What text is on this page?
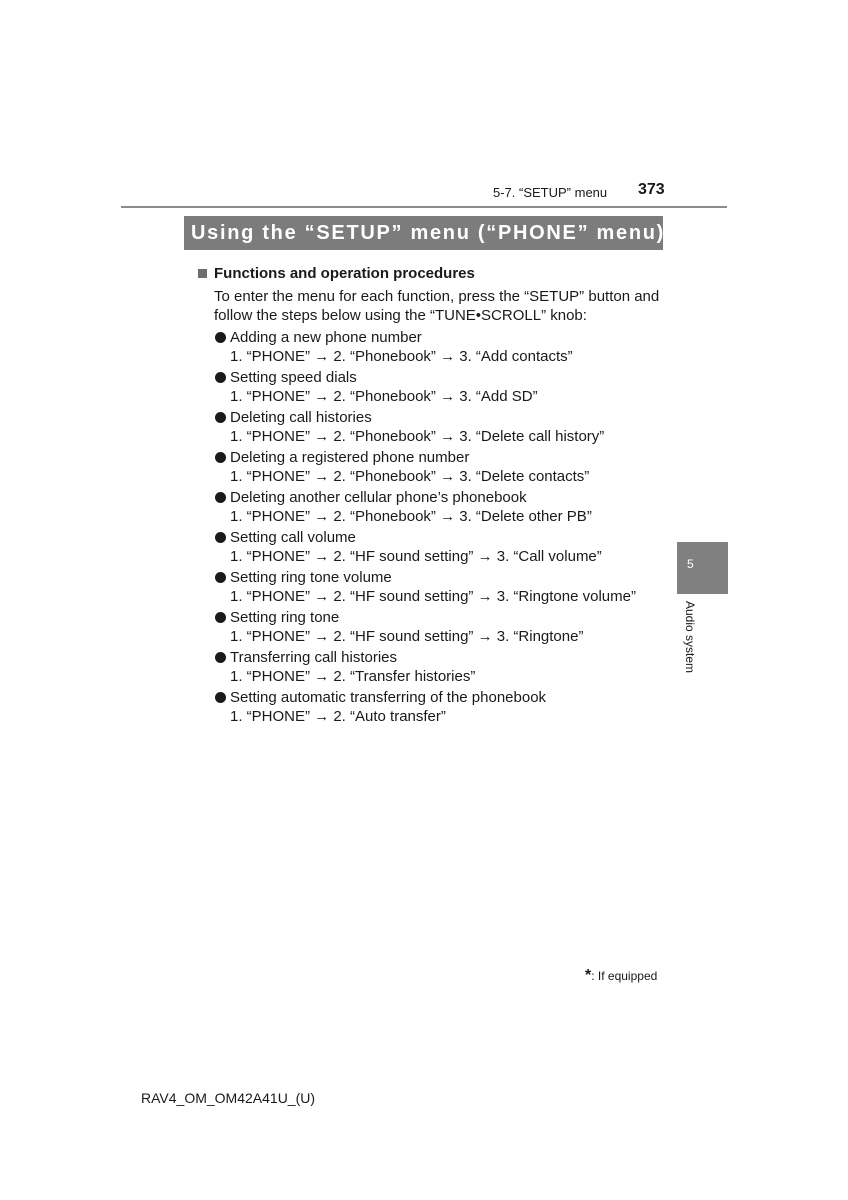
5-7. “SETUP” menu 373
Using the “SETUP” menu (“PHONE” menu)*
Functions and operation procedures
To enter the menu for each function, press the “SETUP” button and follow the steps below using the “TUNE•SCROLL” knob:
Adding a new phone number
1. “PHONE” → 2. “Phonebook” → 3. “Add contacts”
Setting speed dials
1. “PHONE” → 2. “Phonebook” → 3. “Add SD”
Deleting call histories
1. “PHONE” → 2. “Phonebook” → 3. “Delete call history”
Deleting a registered phone number
1. “PHONE” → 2. “Phonebook” → 3. “Delete contacts”
Deleting another cellular phone’s phonebook
1. “PHONE” → 2. “Phonebook” → 3. “Delete other PB”
Setting call volume
1. “PHONE” → 2. “HF sound setting” → 3. “Call volume”
Setting ring tone volume
1. “PHONE” → 2. “HF sound setting” → 3. “Ringtone volume”
Setting ring tone
1. “PHONE” → 2. “HF sound setting” → 3. “Ringtone”
Transferring call histories
1. “PHONE” → 2. “Transfer histories”
Setting automatic transferring of the phonebook
1. “PHONE” → 2. “Auto transfer”
5
Audio system
*: If equipped
RAV4_OM_OM42A41U_(U)
